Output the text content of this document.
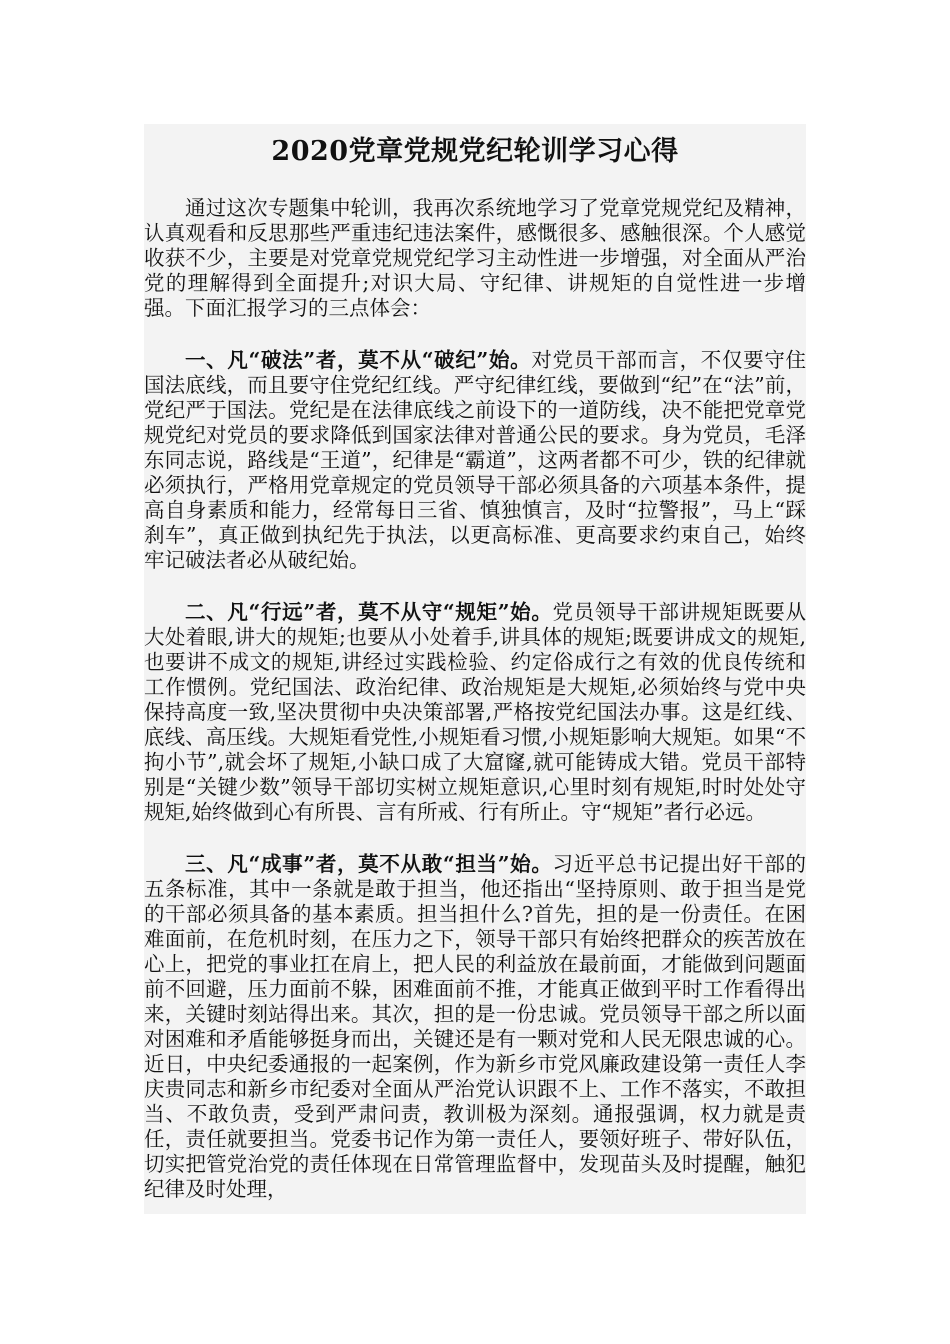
2020党章党规党纪轮训学习心得

通过这次专题集中轮训，我再次系统地学习了党章党规党纪及精神，认真观看和反思那些严重违纪违法案件，感慨很多、感触很深。个人感觉收获不少，主要是对党章党规党纪学习主动性进一步增强，对全面从严治党的理解得到全面提升;对识大局、守纪律、讲规矩的自觉性进一步增强。下面汇报学习的三点体会：

一、凡“破法”者，莫不从“破纪”始。对党员干部而言，不仅要守住国法底线，而且要守住党纪红线。严守纪律红线，要做到“纪”在“法”前，党纪严于国法。党纪是在法律底线之前设下的一道防线，决不能把党章党规党纪对党员的要求降低到国家法律对普通公民的要求。身为党员，毛泽东同志说，路线是“王道”，纪律是“霸道”，这两者都不可少，铁的纪律就必须执行，严格用党章规定的党员领导干部必须具备的六项基本条件，提高自身素质和能力，经常每日三省、慎独慎言，及时“拉警报”，马上“踩刹车”，真正做到执纪先于执法，以更高标准、更高要求约束自己，始终牢记破法者必从破纪始。

二、凡“行远”者，莫不从守“规矩”始。党员领导干部讲规矩既要从大处着眼,讲大的规矩;也要从小处着手,讲具体的规矩;既要讲成文的规矩,也要讲不成文的规矩,讲经过实践检验、约定俗成行之有效的优良传统和工作惯例。党纪国法、政治纪律、政治规矩是大规矩,必须始终与党中央保持高度一致,坚决贯彻中央决策部署,严格按党纪国法办事。这是红线、底线、高压线。大规矩看党性,小规矩看习惯,小规矩影响大规矩。如果“不拘小节”,就会坏了规矩,小缺口成了大窟窿,就可能铸成大错。党员干部特别是“关键少数”领导干部切实树立规矩意识,心里时刻有规矩,时时处处守规矩,始终做到心有所畏、言有所戒、行有所止。守“规矩”者行必远。

三、凡“成事”者，莫不从敢“担当”始。习近平总书记提出好干部的五条标准，其中一条就是敢于担当，他还指出“坚持原则、敢于担当是党的干部必须具备的基本素质。担当担什么?首先，担的是一份责任。在困难面前，在危机时刻，在压力之下，领导干部只有始终把群众的疾苦放在心上，把党的事业扛在肩上，把人民的利益放在最前面，才能做到问题面前不回避，压力面前不躲，困难面前不推，才能真正做到平时工作看得出来，关键时刻站得出来。其次，担的是一份忠诚。党员领导干部之所以面对困难和矛盾能够挺身而出，关键还是有一颗对党和人民无限忠诚的心。近日，中央纪委通报的一起案例，作为新乡市党风廉政建设第一责任人李庆贵同志和新乡市纪委对全面从严治党认识跟不上、工作不落实，不敢担当、不敢负责，受到严肃问责，教训极为深刻。通报强调，权力就是责任，责任就要担当。党委书记作为第一责任人，要领好班子、带好队伍，切实把管党治党的责任体现在日常管理监督中，发现苗头及时提醒，触犯纪律及时处理，
